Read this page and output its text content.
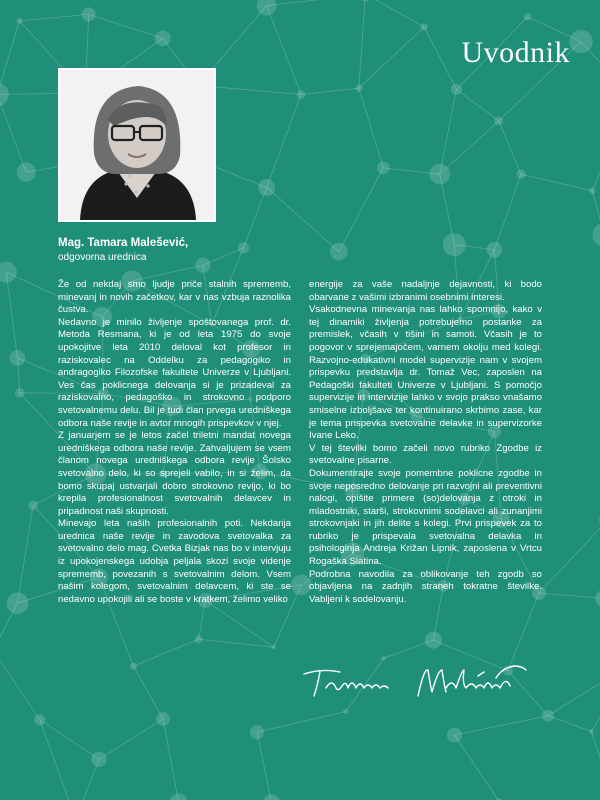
Uvodnik
Mag. Tamara Malešević,
odgovorna urednica

Že od nekdaj smo ljudje priče stalnih sprememb, minevanj in novih začetkov, kar v nas vzbuja raznolika čustva.

Nedavno je minilo življenje spoštovanega prof. dr. Metoda Resmana, ki je od leta 1975 do svoje upokojitve leta 2010 deloval kot profesor in raziskovalec na Oddelku za pedagogiko in andragogiko Filozofske fakultete Univerze v Ljubljani. Ves čas poklicnega delovanja si je prizadeval za raziskovalno, pedagoško in strokovno podporo svetovalnemu delu. Bil je tudi član prvega uredniškega odbora naše revije in avtor mnogih prispevkov v njej.

Z januarjem se je letos začel triletni mandat novega uredniškega odbora naše revije. Zahvaljujem se vsem članom novega uredniškega odbora revije Šolsko svetovalno delo, ki so sprejeli vabilo, in si želim, da bomo skupaj ustvarjali dobro strokovno revijo, ki bo krepila profesionalnost svetovalnih delavcev in pripadnost naši skupnosti.

Minevajo leta naših profesionalnih poti. Nekdanja urednica naše revije in zavodova svetovalka za svetovalno delo mag. Cvetka Bizjak nas bo v intervjuju iz upokojenskega udobja peljala skozi svoje videnje sprememb, povezanih s svetovalnim delom. Vsem našim kolegom, svetovalnim delavcem, ki ste se nedavno upokojili ali se boste v kratkem, želimo veliko

energije za vaše nadaljnje dejavnosti, ki bodo obarvane z vašimi izbranimi osebnimi interesi.

Vsakodnevna minevanja nas lahko spomnijo, kako v tej dinamiki življenja potrebujemo postanke za premislek, včasih v tišini in samoti. Včasih je to pogovor v sprejemajočem, varnem okolju med kolegi. Razvojno-edukativni model supervizije nam v svojem prispevku predstavlja dr. Tomaž Vec, zaposlen na Pedagoški fakulteti Univerze v Ljubljani. S pomočjo supervizije in intervizije lahko v svojo prakso vnašamo smiselne izboljšave ter kontinuirano skrbimo zase, kar je tema prispevka svetovalne delavke in supervizorke Ivane Leko.

V tej številki bomo začeli novo rubriko Zgodbe iz svetovalne pisarne.

Dokumentirajte svoje pomembne poklicne zgodbe in svoje neposredno delovanje pri razvojni ali preventivni nalogi, opišite primere (so)delovanja z otroki in mladostniki, starši, strokovnimi sodelavci ali zunanjimi strokovnjaki in jih delite s kolegi. Prvi prispevek za to rubriko je prispevala svetovalna delavka in psihologinja Andreja Križan Lipnik, zaposlena v Vrtcu Rogaška Slatina.

Podrobna navodila za oblikovanje teh zgodb so objavljena na zadnjih straneh tokratne številke. Vabljeni k sodelovanju.
